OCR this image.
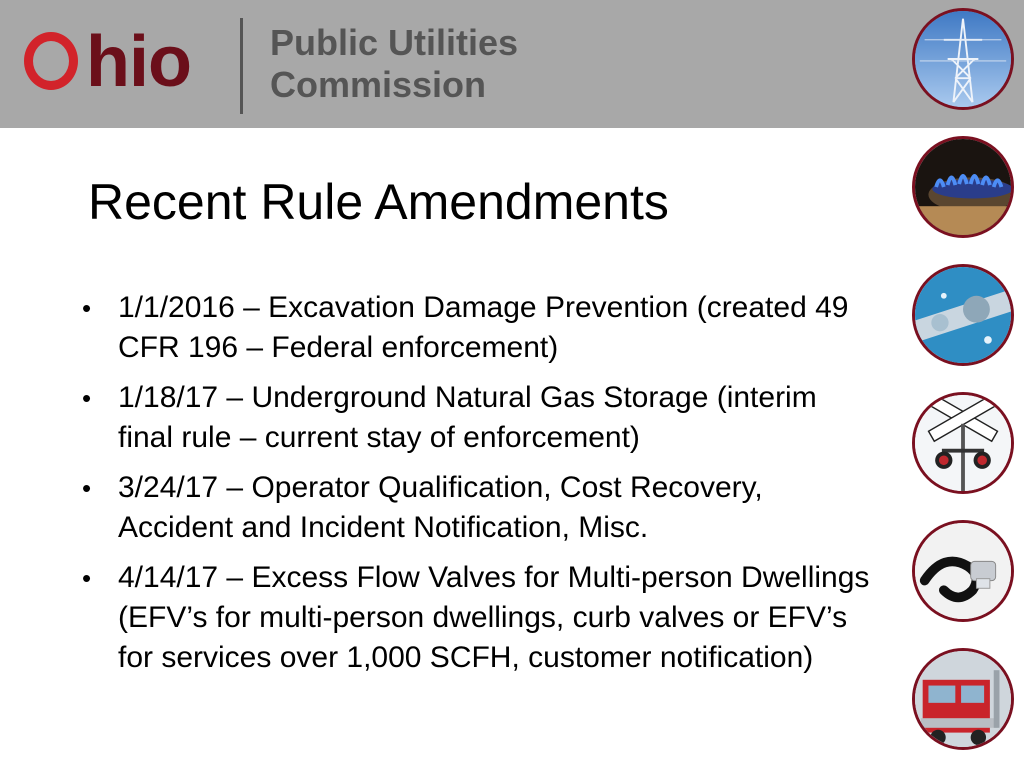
hio Public Utilities
Commission
Recent Rule Amendments
• 1/1/2016 – Excavation Damage Prevention (created 49 CFR 196 – Federal enforcement)
• 1/18/17 – Underground Natural Gas Storage (interim final rule – current stay of enforcement)
• 3/24/17 – Operator Qualification, Cost Recovery, Accident and Incident Notification, Misc.
• 4/14/17 – Excess Flow Valves for Multi-person Dwellings (EFV’s for multi-person dwellings, curb valves or EFV’s for services over 1,000 SCFH, customer notification)
